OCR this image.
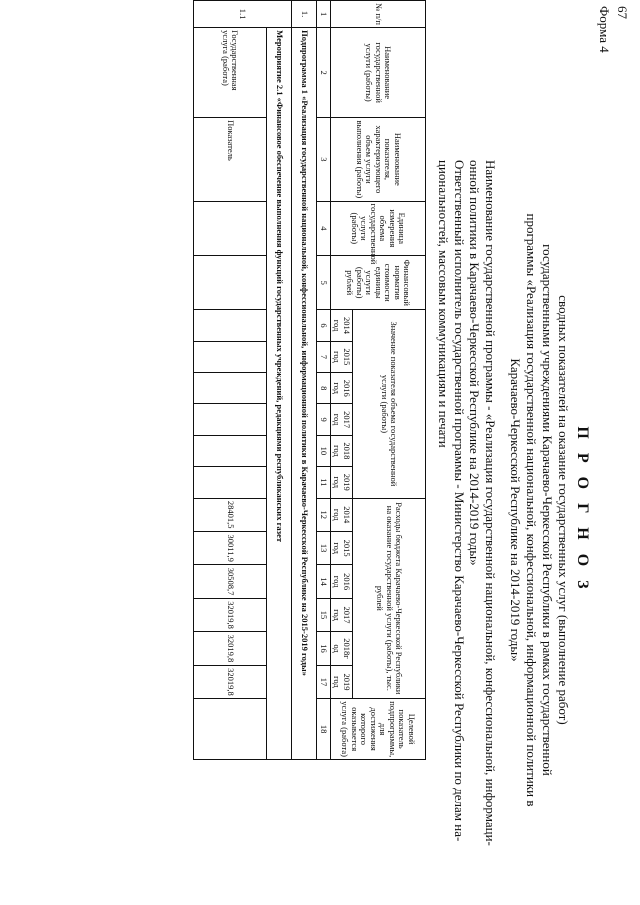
67
Форма 4
П Р О Г Н О З
сводных показателей на оказание государственных услуг (выполнение работ)
государственными учреждениями Карачаево-Черкесской Республики в рамках государственной
программы «Реализация государственной национальной, конфессиональной, информационной политики в
Карачаево-Черкесской Республике на 2014-2019 годы»
Наименование государственной программы - «Реализация государственной национальной, конфессиональной, информаци-
онной политики в Карачаево-Черкесской Республике на 2014-2019 годы»
Ответственный исполнитель государственной программы - Министерство Карачаево-Черкесской Республики по делам на-
циональностей, массовым коммуникациям и печати
№ п/п	Наименование государственной услуги (работы)	Наименование показателя, характеризующего объем услуги выполнения (работы)	Единица измерения объема государственной услуги (работы)	Финансовый норматив стоимости единицы услуги (работы) рублей	Значение показателя объема государственной услуги (работы)						Расходы бюджета Карачаево-Черкесской Республики на оказание государственной услуги (работы), тыс. рублей						Целевой показатель подпрограммы, для достижения которого оказывается услуга (работа)
					2014 год	2015 год	2016 год	2017 год	2018 год	2019 год	2014 год	2015 год	2016 год	2017 год	2018г од	2019 год	
1	2	3	4	5	6	7	8	9	10	11	12	13	14	15	16	17	18
1.	Подпрограмма 1 «Реализация государственной национальной, конфессиональной, информационной политики в Карачаево-Черкесской Республике на 2015-2019 годы»																
1.1	Мероприятие 2.1 «Финансовое обеспечение выполнения функций государственных учреждений, редакциями республиканских газет																
	Государственная услуга (работа)	Показатель									28401,5	30011,9	30508,7	32019,8	32019,8	32019,8	
